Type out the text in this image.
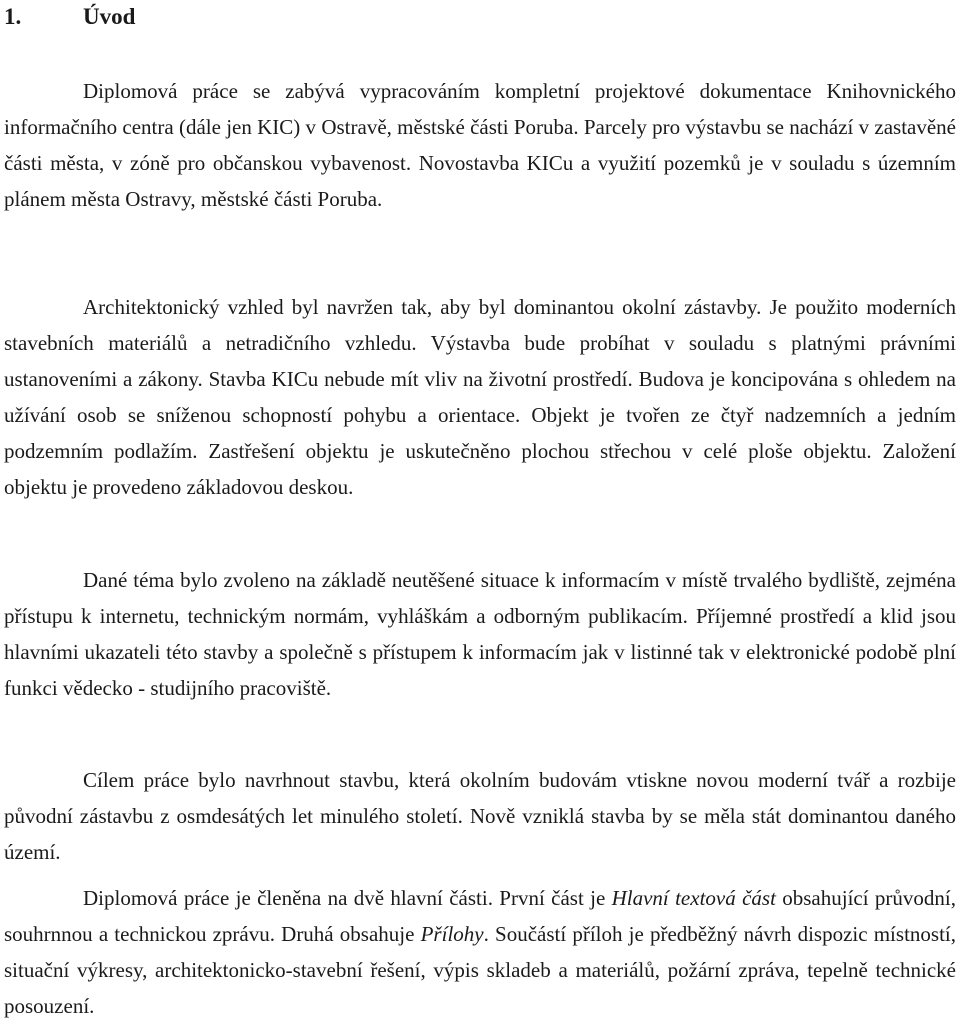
1.	Úvod

Diplomová práce se zabývá vypracováním kompletní projektové dokumentace Knihovnického informačního centra (dále jen KIC) v Ostravě, městské části Poruba. Parcely pro výstavbu se nachází v zastavěné části města, v zóně pro občanskou vybavenost. Novostavba KICu a využití pozemků je v souladu s územním plánem města Ostravy, městské části Poruba.

Architektonický vzhled byl navržen tak, aby byl dominantou okolní zástavby. Je použito moderních stavebních materiálů a netradičního vzhledu. Výstavba bude probíhat v souladu s platnými právními ustanoveními a zákony. Stavba KICu nebude mít vliv na životní prostředí. Budova je koncipována s ohledem na užívání osob se sníženou schopností pohybu a orientace. Objekt je tvořen ze čtyř nadzemních a jedním podzemním podlažím. Zastřešení objektu je uskutečněno plochou střechou v celé ploše objektu. Založení objektu je provedeno základovou deskou.

Dané téma bylo zvoleno na základě neutěšené situace k informacím v místě trvalého bydliště, zejména přístupu k internetu, technickým normám, vyhláškám a odborným publikacím. Příjemné prostředí a klid jsou hlavními ukazateli této stavby a společně s přístupem k informacím jak v listinné tak v elektronické podobě plní funkci vědecko - studijního pracoviště.

Cílem práce bylo navrhnout stavbu, která okolním budovám vtiskne novou moderní tvář a rozbije původní zástavbu z osmdesátých let minulého století. Nově vzniklá stavba by se měla stát dominantou daného území.

Diplomová práce je členěna na dvě hlavní části. První část je Hlavní textová část obsahující průvodní, souhrnnou a technickou zprávu. Druhá obsahuje Přílohy. Součástí příloh je předběžný návrh dispozic místností, situační výkresy, architektonicko-stavební řešení, výpis skladeb a materiálů, požární zpráva, tepelně technické posouzení.
